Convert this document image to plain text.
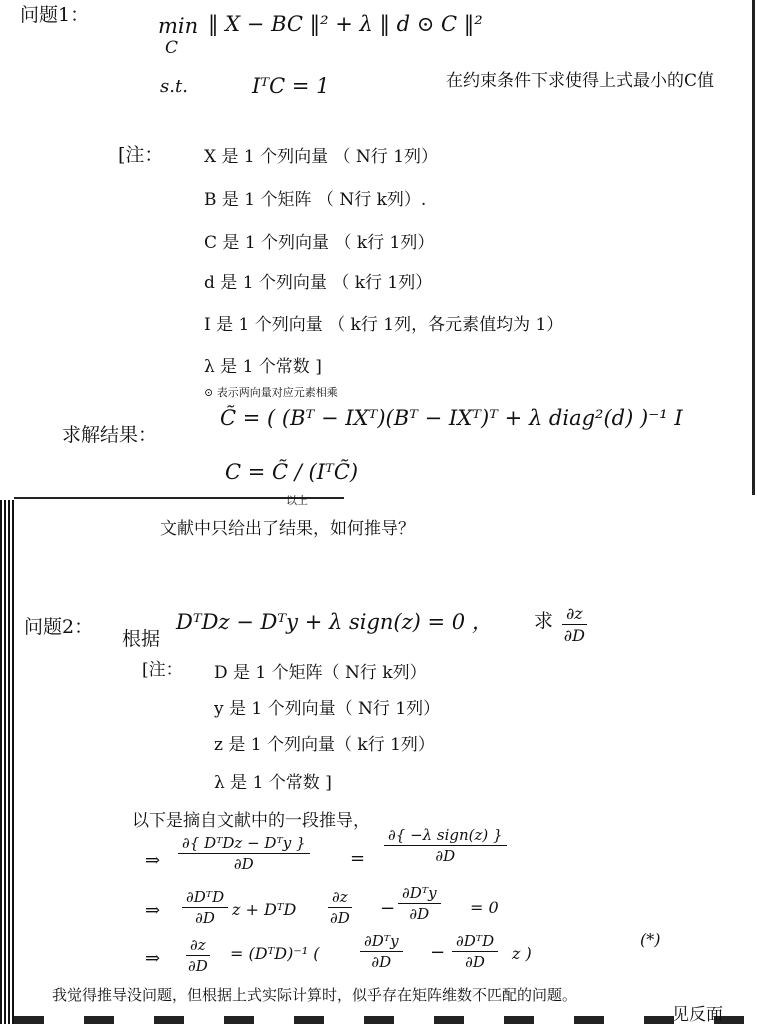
问题1：	min
C
‖ X − BC ‖² + λ ‖ d ⊙ C ‖²
s.t.	IᵀC = 1	在约束条件下求使得上式最小的C值
[注： X 是 1 个列向量 （ N行 1列）
B 是 1 个矩阵 （ N行 k列）.
C 是 1 个列向量 （ k行 1列）
d 是 1 个列向量 （ k行 1列）
I 是 1 个列向量 （ k行 1列，各元素值均为 1）
λ 是 1 个常数 ]
⊙ 表示两向量对应元素相乘
求解结果：
C̃ = ( (Bᵀ − IXᵀ)(Bᵀ − IXᵀ)ᵀ + λ diag²(d) )⁻¹ I
C = C̃ / (IᵀC̃)
以上
文献中只给出了结果，如何推导？
问题2：
根据
DᵀDz − Dᵀy + λ sign(z) = 0 ， 求 $\frac{\partial z}{\partial D}$
[注： D 是 1 个矩阵（ N行 k列）
y 是 1 个列向量（ N行 1列）
z 是 1 个列向量（ k行 1列）
λ 是 1 个常数 ]
以下是摘自文献中的一段推导，
⇒
∂{ DᵀDz − Dᵀy }
∂D	=
∂{ −λ sign(z) }
∂D
⇒
∂DᵀD
∂D	z + DᵀD $\frac{\partial z}{\partial D}$ −
∂Dᵀy
∂D	= 0
⇒ $\frac{\partial z}{\partial D}$ = (DᵀD)⁻¹ (
∂Dᵀy
∂D	−
∂DᵀD
∂D	z )
(*)
我觉得推导没问题，但根据上式实际计算时，似乎存在矩阵维数不匹配的问题。
见反面
